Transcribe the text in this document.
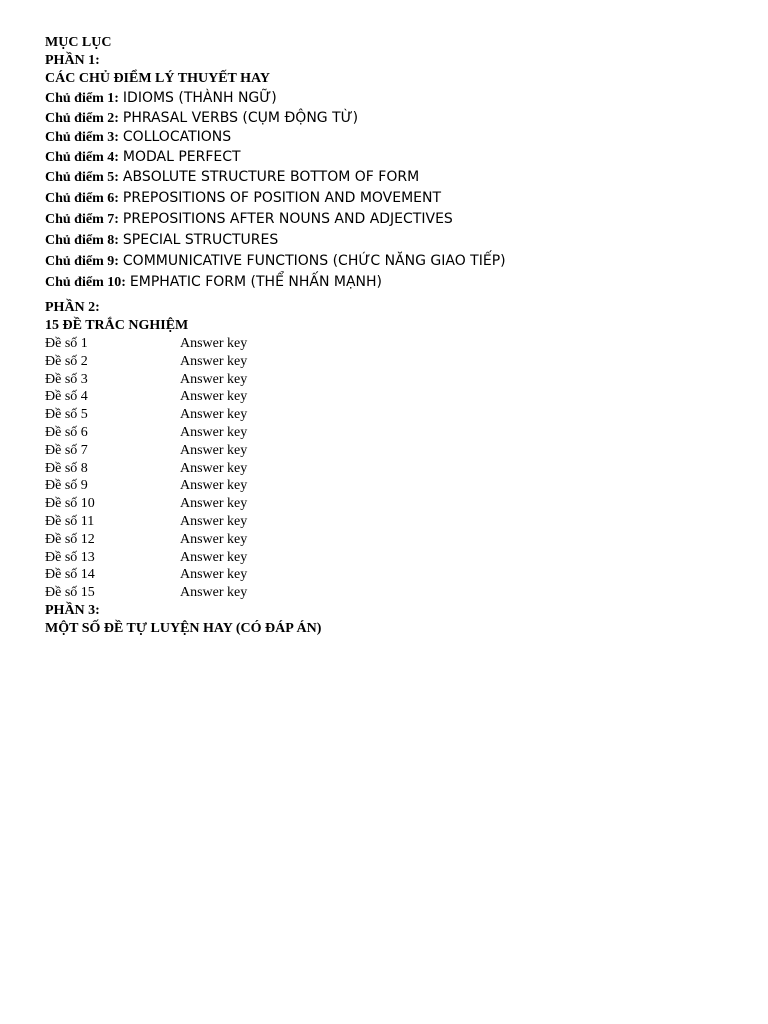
MỤC LỤC
PHẦN 1:
CÁC CHỦ ĐIỂM LÝ THUYẾT HAY
Chủ điểm 1: IDIOMS (THÀNH NGỮ)
Chủ điểm 2: PHRASAL VERBS (CỤM ĐỘNG TỪ)
Chủ điểm 3: COLLOCATIONS
Chủ điểm 4: MODAL PERFECT
Chủ điểm 5: ABSOLUTE STRUCTURE BOTTOM OF FORM
Chủ điểm 6: PREPOSITIONS OF POSITION AND MOVEMENT
Chủ điểm 7: PREPOSITIONS AFTER NOUNS AND ADJECTIVES
Chủ điểm 8: SPECIAL STRUCTURES
Chủ điểm 9: COMMUNICATIVE FUNCTIONS (CHỨC NĂNG GIAO TIẾP)
Chủ điểm 10: EMPHATIC FORM (THỂ NHẤN MẠNH)
PHẦN 2:
15 ĐỀ TRẮC NGHIỆM
Đề số 1	Answer key
Đề số 2	Answer key
Đề số 3	Answer key
Đề số 4	Answer key
Đề số 5	Answer key
Đề số 6	Answer key
Đề số 7	Answer key
Đề số 8	Answer key
Đề số 9	Answer key
Đề số 10	Answer key
Đề số 11	Answer key
Đề số 12	Answer key
Đề số 13	Answer key
Đề số 14	Answer key
Đề số 15	Answer key
PHẦN 3:
MỘT SỐ ĐỀ TỰ LUYỆN HAY (CÓ ĐÁP ÁN)
